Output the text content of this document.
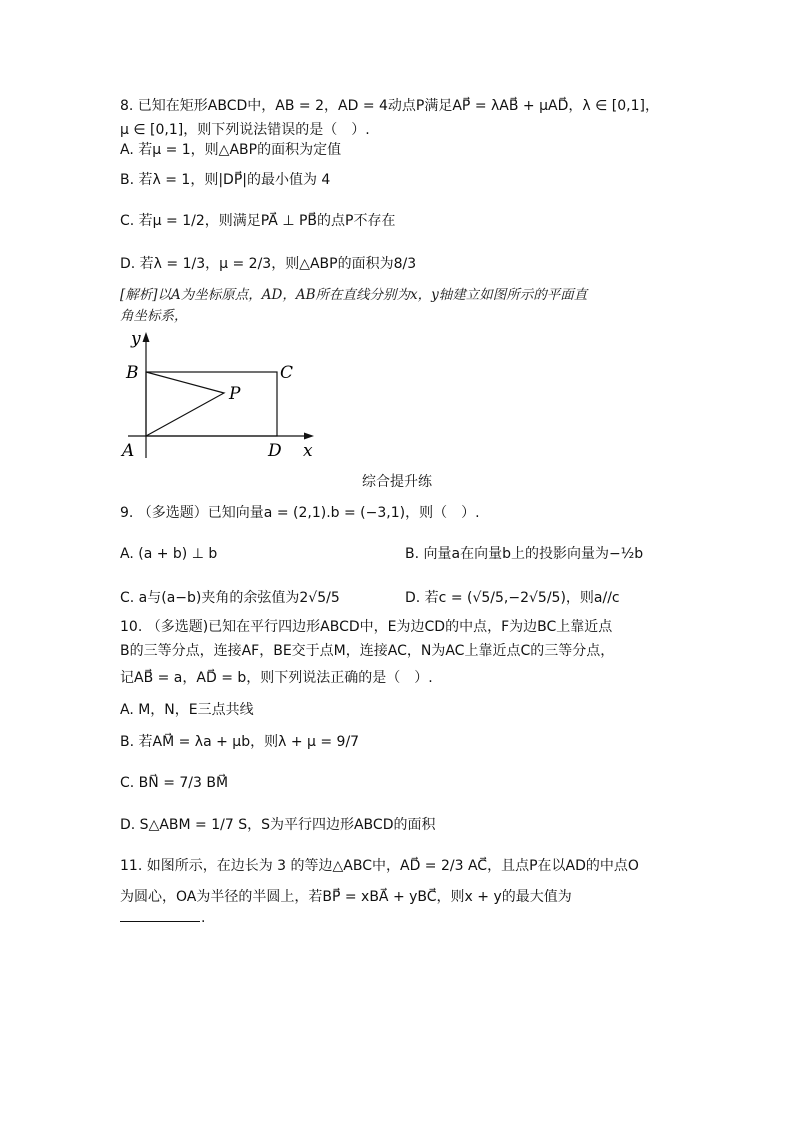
8. 已知在矩形ABCD中，AB = 2，AD = 4动点P满足AP⃗ = λAB⃗ + μAD⃗，λ ∈ [0,1]，
μ ∈ [0,1]，则下列说法错误的是（　）.
A. 若μ = 1，则△ABP的面积为定值
B. 若λ = 1，则|DP⃗|的最小值为 4
C. 若μ = 1/2，则满足PA⃗ ⊥ PB⃗的点P不存在
D. 若λ = 1/3，μ = 2/3，则△ABP的面积为8/3
[解析]以A为坐标原点，AD，AB所在直线分别为x，y轴建立如图所示的平面直
角坐标系，
y
x
A
B	C
D
P
综合提升练
9. （多选题）已知向量a = (2,1).b = (−3,1)，则（　）.
A. (a + b) ⊥ b	B. 向量a在向量b上的投影向量为−½b
C. a与(a−b)夹角的余弦值为2√5/5	D. 若c = (√5/5,−2√5/5)，则a//c
10. （多选题)已知在平行四边形ABCD中，E为边CD的中点，F为边BC上靠近点
B的三等分点，连接AF，BE交于点M，连接AC，N为AC上靠近点C的三等分点，
记AB⃗ = a，AD⃗ = b，则下列说法正确的是（　）.
A. M，N，E三点共线
B. 若AM⃗ = λa + μb，则λ + μ = 9/7
C. BN⃗ = 7/3 BM⃗
D. S△ABM = 1/7 S，S为平行四边形ABCD的面积
11. 如图所示，在边长为 3 的等边△ABC中，AD⃗ = 2/3 AC⃗，且点P在以AD的中点O
为圆心，OA为半径的半圆上，若BP⃗ = xBA⃗ + yBC⃗，则x + y的最大值为
.
